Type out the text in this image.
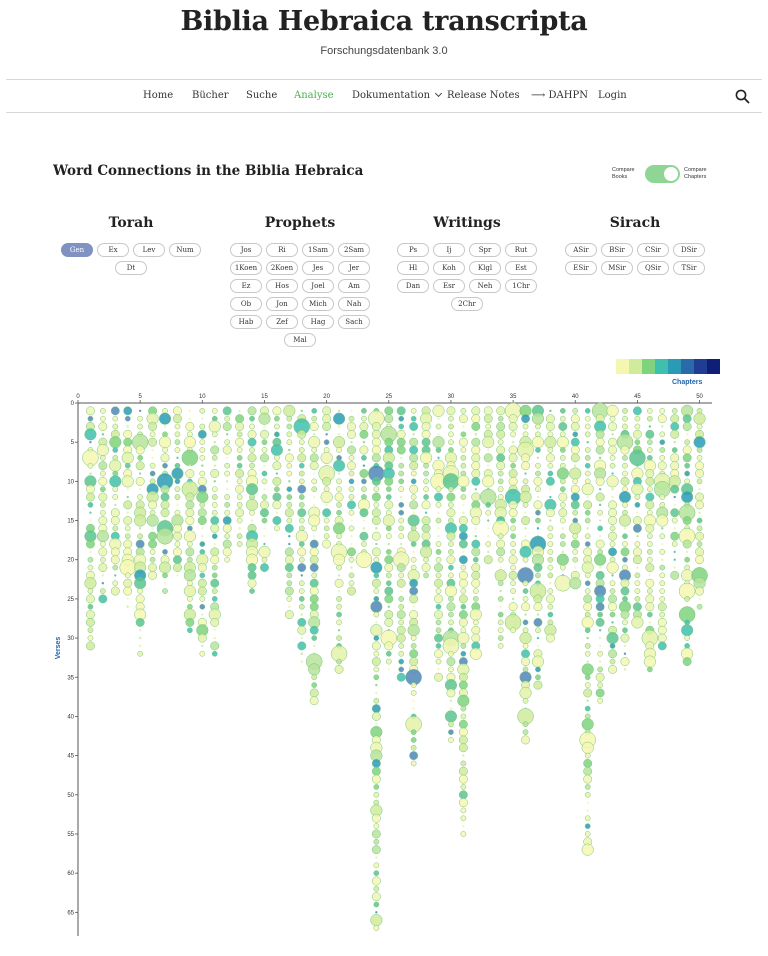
Biblia Hebraica transcripta
Forschungsdatenbank 3.0
Home Bücher Suche Analyse Dokumentation	Release Notes ⟶ DAHPN Login
Word Connections in the Biblia Hebraica	Compare
Books
Compare
Chapters
Torah
Gen	Ex	Lev	Num
Dt
Prophets
Jos	Ri	1Sam	2Sam
1Koen	2Koen	Jes	Jer
Ez	Hos	Joel	Am
Ob	Jon	Mich	Nah
Hab	Zef	Hag	Sach
Mal
Writings
Ps	Ij	Spr	Rut
Hl	Koh	Klgl	Est
Dan	Esr	Neh	1Chr
2Chr
Sirach
ASir	BSir	CSir	DSir
ESir	MSir	QSir	TSir
Chapters
0	5	10	15	20	25	30	35	40	45	50
0
5
10
15
20
25
30
35
40
45
50
55
60
65
Verses
